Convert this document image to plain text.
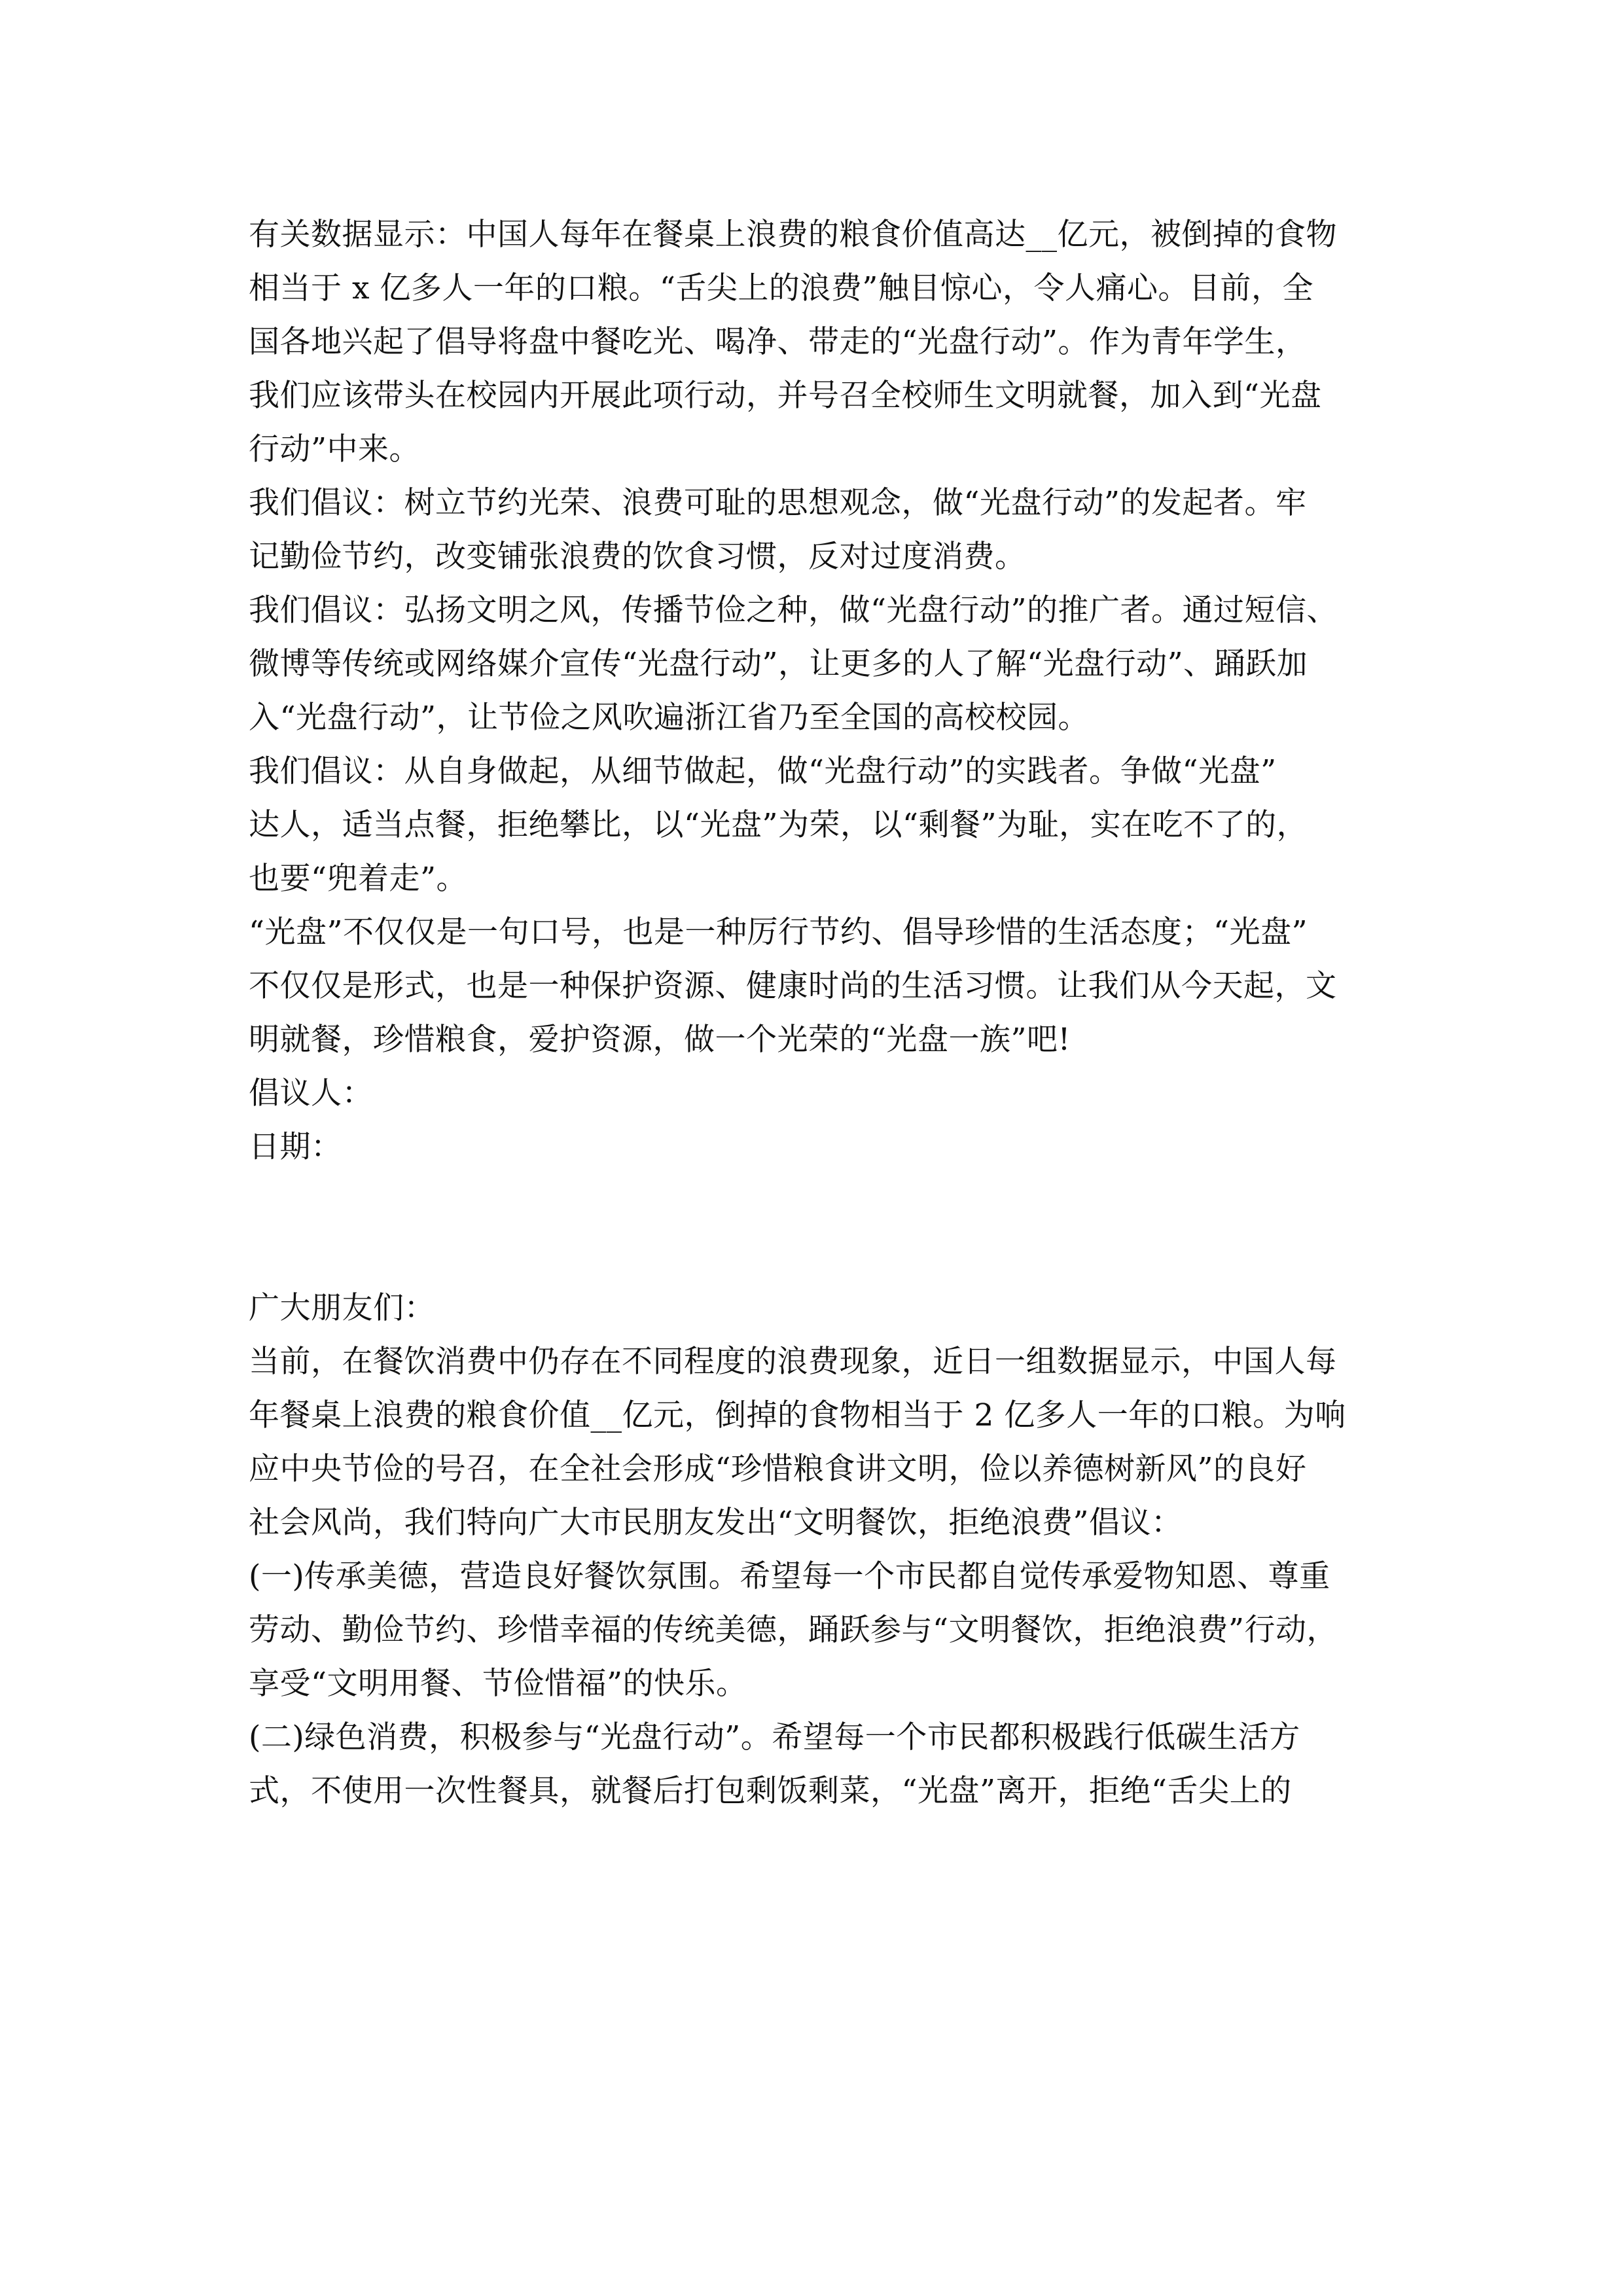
有关数据显示：中国人每年在餐桌上浪费的粮食价值高达__亿元，被倒掉的食物
相当于 x 亿多人一年的口粮。“舌尖上的浪费”触目惊心，令人痛心。目前，全
国各地兴起了倡导将盘中餐吃光、喝净、带走的“光盘行动”。作为青年学生，
我们应该带头在校园内开展此项行动，并号召全校师生文明就餐，加入到“光盘
行动”中来。
我们倡议：树立节约光荣、浪费可耻的思想观念，做“光盘行动”的发起者。牢
记勤俭节约，改变铺张浪费的饮食习惯，反对过度消费。
我们倡议：弘扬文明之风，传播节俭之种，做“光盘行动”的推广者。通过短信、
微博等传统或网络媒介宣传“光盘行动”，让更多的人了解“光盘行动”、踊跃加
入“光盘行动”，让节俭之风吹遍浙江省乃至全国的高校校园。
我们倡议：从自身做起，从细节做起，做“光盘行动”的实践者。争做“光盘”
达人，适当点餐，拒绝攀比，以“光盘”为荣，以“剩餐”为耻，实在吃不了的，
也要“兜着走”。
“光盘”不仅仅是一句口号，也是一种厉行节约、倡导珍惜的生活态度；“光盘”
不仅仅是形式，也是一种保护资源、健康时尚的生活习惯。让我们从今天起，文
明就餐，珍惜粮食，爱护资源，做一个光荣的“光盘一族”吧!
倡议人：
日期：
广大朋友们：
当前，在餐饮消费中仍存在不同程度的浪费现象，近日一组数据显示，中国人每
年餐桌上浪费的粮食价值__亿元，倒掉的食物相当于 2 亿多人一年的口粮。为响
应中央节俭的号召，在全社会形成“珍惜粮食讲文明，俭以养德树新风”的良好
社会风尚，我们特向广大市民朋友发出“文明餐饮，拒绝浪费”倡议：
(一)传承美德，营造良好餐饮氛围。希望每一个市民都自觉传承爱物知恩、尊重
劳动、勤俭节约、珍惜幸福的传统美德，踊跃参与“文明餐饮，拒绝浪费”行动，
享受“文明用餐、节俭惜福”的快乐。
(二)绿色消费，积极参与“光盘行动”。希望每一个市民都积极践行低碳生活方
式，不使用一次性餐具，就餐后打包剩饭剩菜，“光盘”离开，拒绝“舌尖上的
